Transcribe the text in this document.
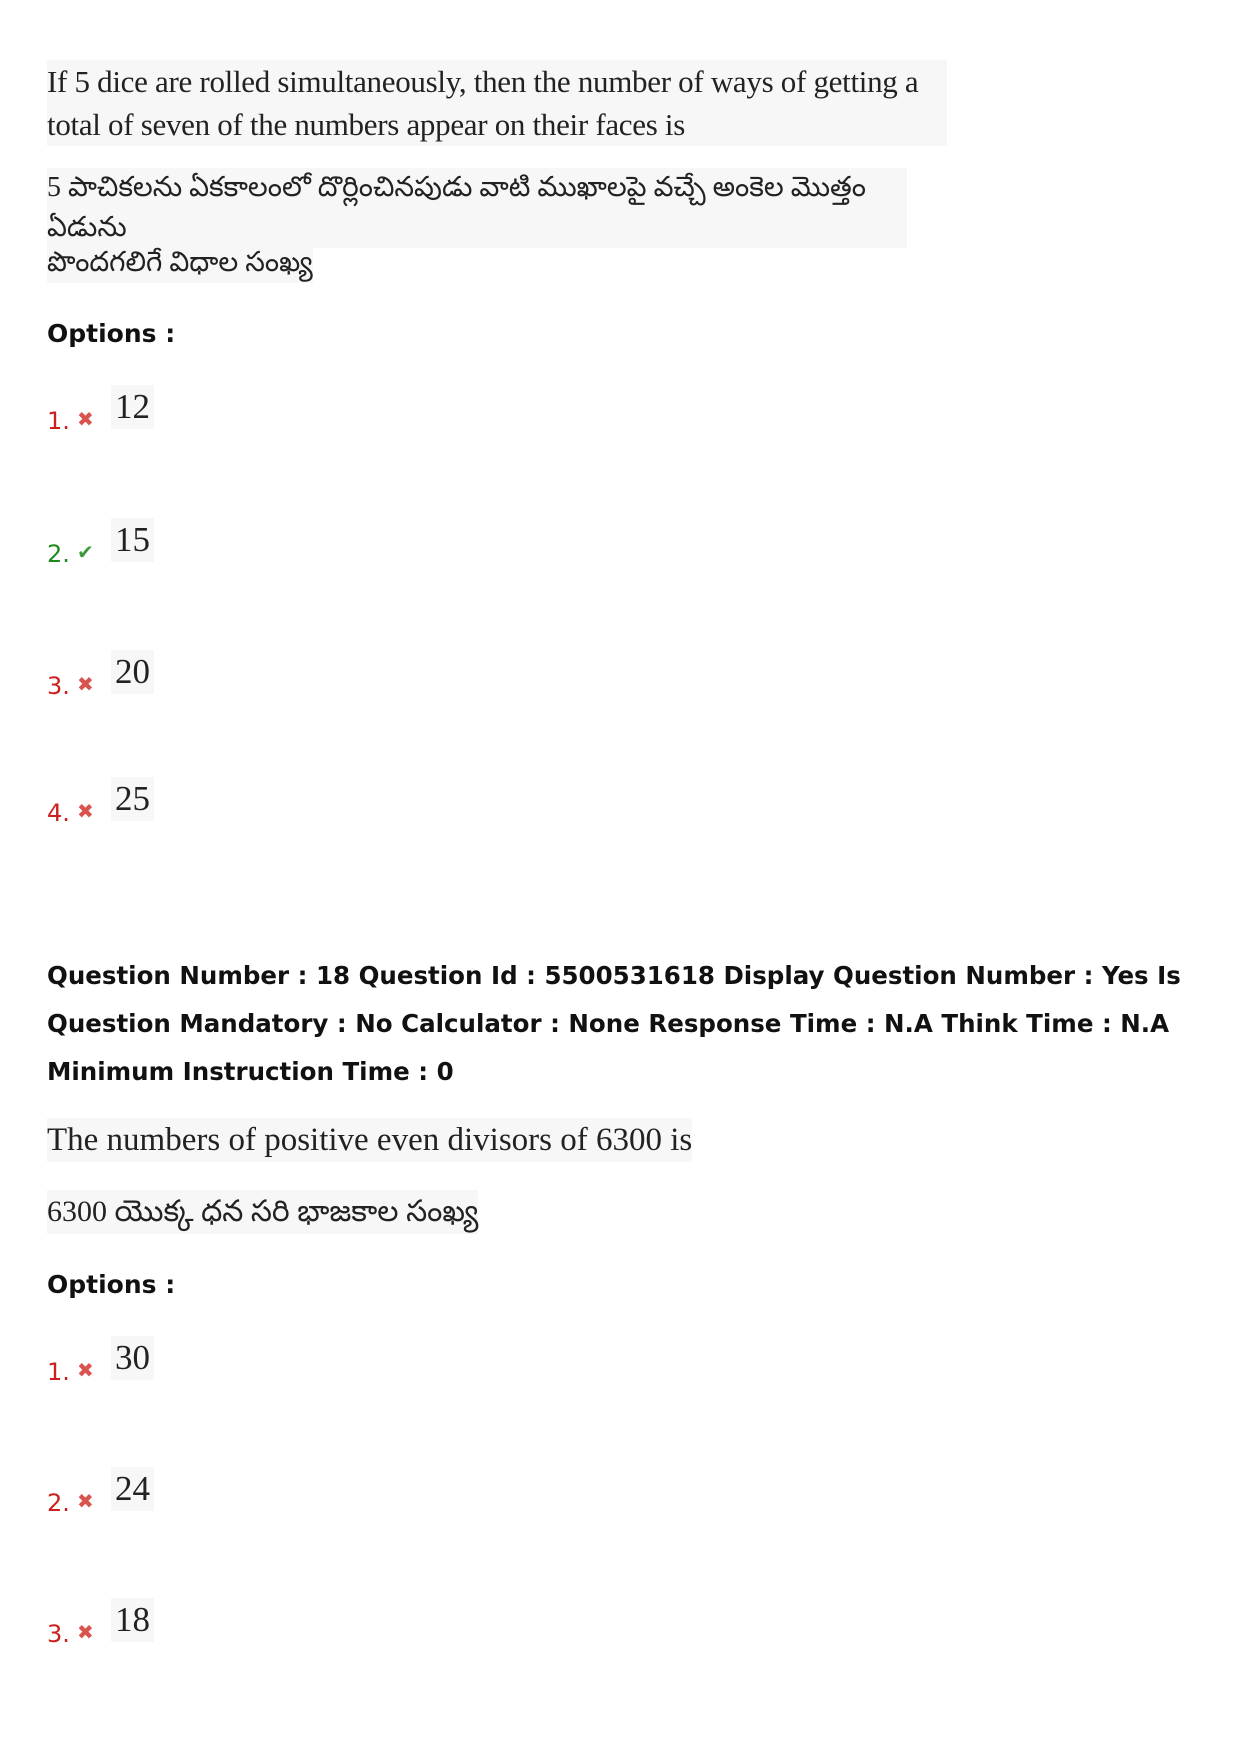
If 5 dice are rolled simultaneously, then the number of ways of getting a total of seven of the numbers appear on their faces is
5 పాచికలను ఏకకాలంలో దొర్లించినపుడు వాటి ముఖాలపై వచ్చే అంకెల మొత్తం ఏడును
పొందగలిగే విధాల సంఖ్య
Options :
1. ✖ 12
2. ✔ 15
3. ✖ 20
4. ✖ 25
Question Number : 18 Question Id : 5500531618 Display Question Number : Yes Is Question Mandatory : No Calculator : None Response Time : N.A Think Time : N.A Minimum Instruction Time : 0
The numbers of positive even divisors of 6300 is
6300 యొక్క ధన సరి భాజకాల సంఖ్య
Options :
1. ✖ 30
2. ✖ 24
3. ✖ 18
